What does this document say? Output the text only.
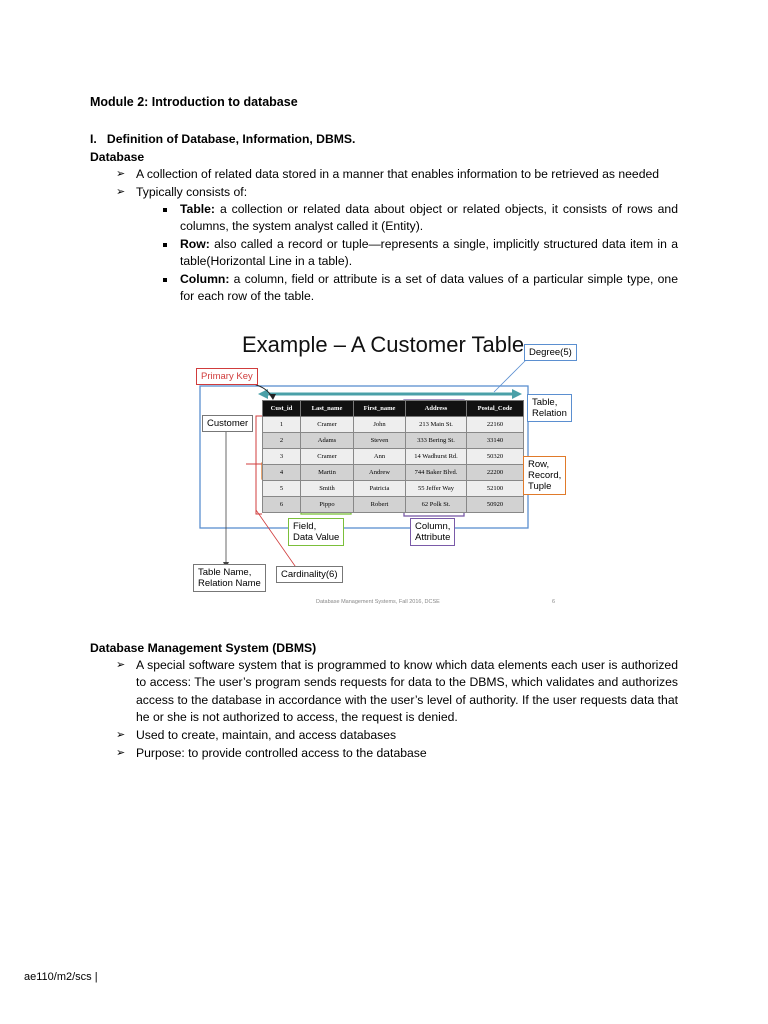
Module 2: Introduction to database
I.   Definition of Database, Information, DBMS.
Database
➢ A collection of related data stored in a manner that enables information to be retrieved as needed
➢ Typically consists of:
Table: a collection or related data about object or related objects, it consists of rows and columns, the system analyst called it (Entity).
Row: also called a record or tuple—represents a single, implicitly structured data item in a table(Horizontal Line in a table).
Column: a column, field or attribute is a set of data values of a particular simple type, one for each row of the table.
Example – A Customer Table
Cust_id	Last_name	First_name	Address	Postal_Code
1	Cramer	John	213 Main St.	22160
2	Adams	Steven	333 Bering St.	33140
3	Cramer	Ann	14 Wadhurst Rd.	50320
4	Martin	Andrew	744 Baker Blvd.	22200
5	Smith	Patricia	55 Jeffer Way	52100
6	Pippo	Robert	62 Polk St.	50920
Degree(5)
Primary Key
Table,
Relation
Customer
Row,
Record,
Tuple
Field,
Data Value
Column,
Attribute
Table Name,
Relation Name
Cardinality(6)
Database Management Systems, Fall 2016, DCSE	6
Database Management System (DBMS)
➢ A special software system that is programmed to know which data elements each user is authorized to access: The user’s program sends requests for data to the DBMS, which validates and authorizes access to the database in accordance with the user’s level of authority. If the user requests data that he or she is not authorized to access, the request is denied.
➢ Used to create, maintain, and access databases
➢ Purpose: to provide controlled access to the database
ae110/m2/scs |
